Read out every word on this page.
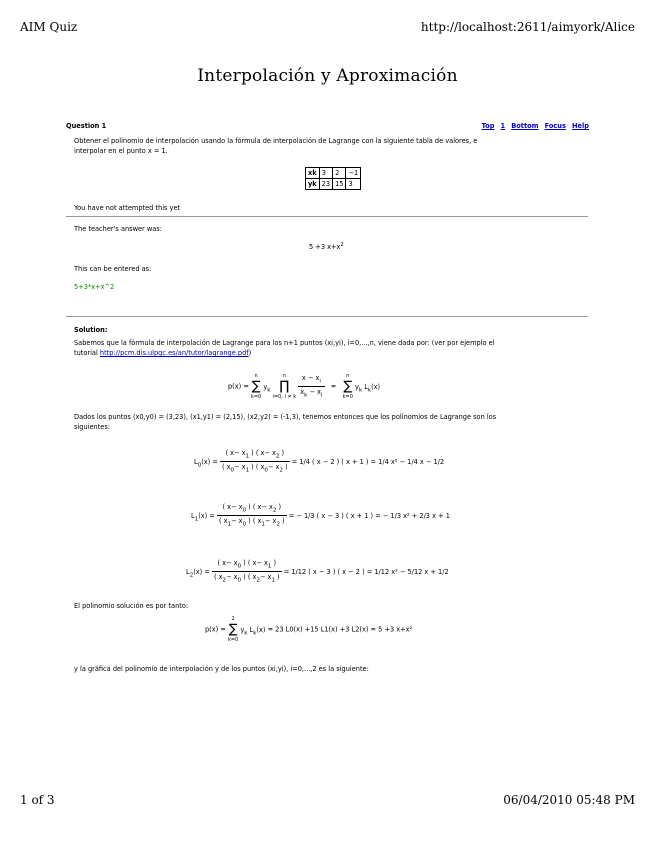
AIM Quiz	http://localhost:2611/aimyork/Alice
1 of 3	06/04/2010 05:48 PM
Interpolación y Aproximación
Question 1	Top 1 Bottom Focus Help
Obtener el polinomio de interpolación usando la fórmula de interpolación de Lagrange con la siguiente tabla de valores, e
interpolar en el punto x = 1.
xk	3	2	−1
yk	23	15	3
You have not attempted this yet
The teacher's answer was:
5 +3 $x+x^2$
This can be entered as:
5+3*x+x^2
Solution:
Sabemos que la fórmula de interpolación de Lagrange para los n+1 puntos (xi,yi), i=0,...,n, viene dada por: (ver por ejemplo el
tutorial http://pcm.dis.ulpgc.es/an/tutor/lagrange.pdf)
p(x) =
n
∑
k=0
$y_k$
n
∏
i=0, i ≠ k
$\frac{x - x_i}{x_k - x_i}$ =
n
∑
k=0
$y_k$ $L_k(x)$
Dados los puntos (x0,y0) = (3,23), (x1,y1) = (2,15), (x2,y2) = (-1,3), tenemos entonces que los polinomios de Lagrange son los
siguientes:
$L_0(x) = \frac{( x- x_1 ) ( x- x_2 )}{( x_0- x_1 ) ( x_0- x_2 )} = 1/4$ ( x − 2 ) ( x + 1 ) = 1/4 x² − 1/4 x − 1/2
$L_1(x) = \frac{( x- x_0 ) ( x- x_2 )}{( x_1- x_0 ) ( x_1- x_2 )}$ = − 1/3 ( x − 3 ) ( x + 1 ) = − 1/3 x² + 2/3 x + 1
$L_2(x) = \frac{( x- x_0 ) ( x- x_1 )}{( x_2- x_0 ) ( x_2- x_1 )} = 1/12$ ( x − 3 ) ( x − 2 ) = 1/12 x² − 5/12 x + 1/2
El polinomio solución es por tanto:
p(x) =
2
∑
k=0
$y_k$ $L_k(x) = 23$ L0(x) +15 L1(x) +3 L2(x) = 5 +3 x+x²
y la gráfica del polinomio de interpolación y de los puntos (xi,yi), i=0,...,2 es la siguiente:
